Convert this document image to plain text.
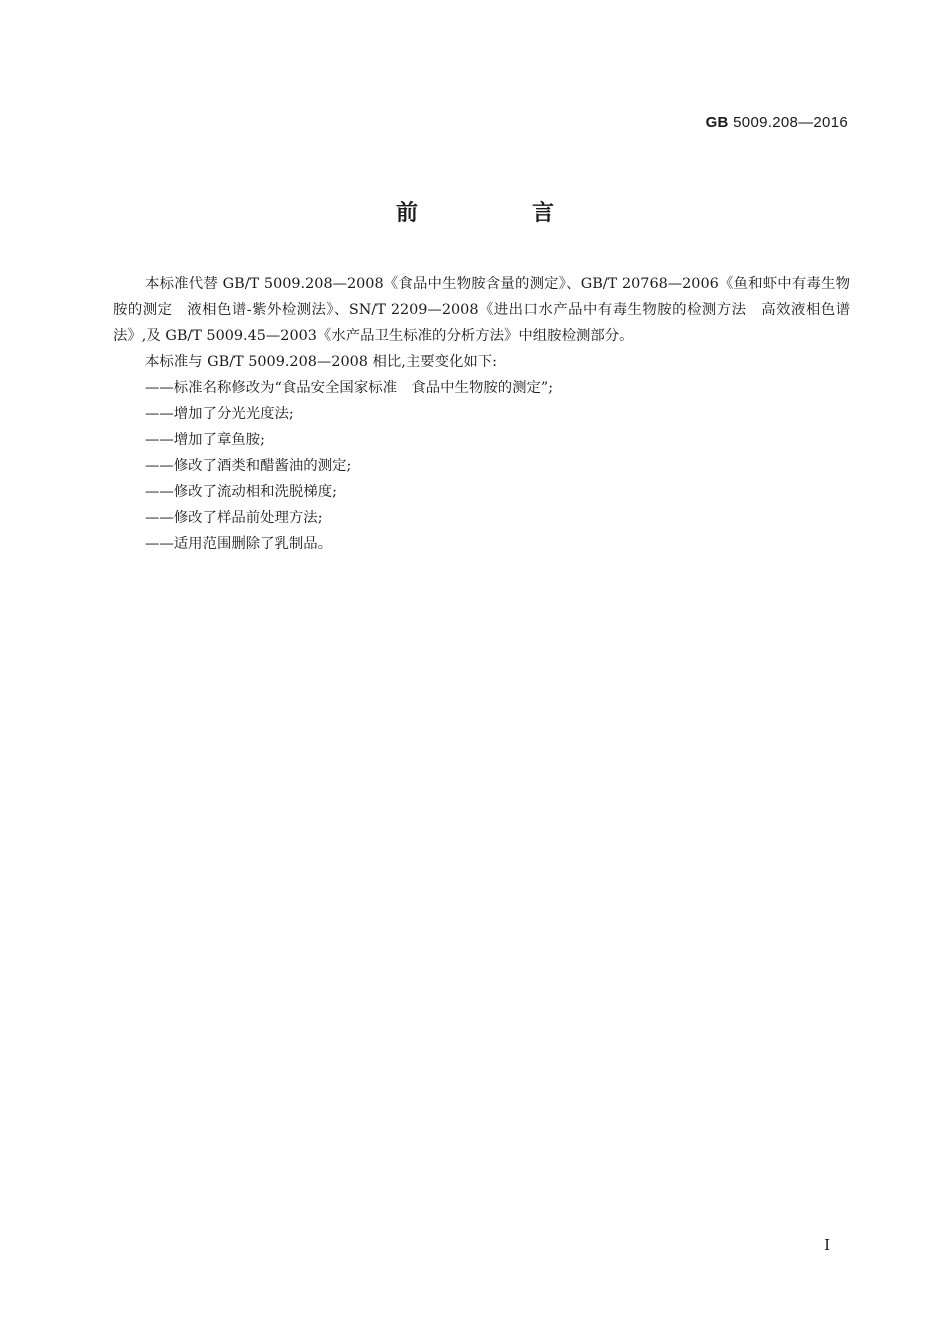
GB 5009.208—2016
前　言

本标准代替 GB/T 5009.208—2008《食品中生物胺含量的测定》、GB/T 20768—2006《鱼和虾中有毒生物胺的测定　液相色谱-紫外检测法》、SN/T 2209—2008《进出口水产品中有毒生物胺的检测方法　高效液相色谱法》,及 GB/T 5009.45—2003《水产品卫生标准的分析方法》中组胺检测部分。

本标准与 GB/T 5009.208—2008 相比,主要变化如下:

——标准名称修改为“食品安全国家标准　食品中生物胺的测定”;
——增加了分光光度法;
——增加了章鱼胺;
——修改了酒类和醋酱油的测定;
——修改了流动相和洗脱梯度;
——修改了样品前处理方法;
——适用范围删除了乳制品。
Ⅰ
